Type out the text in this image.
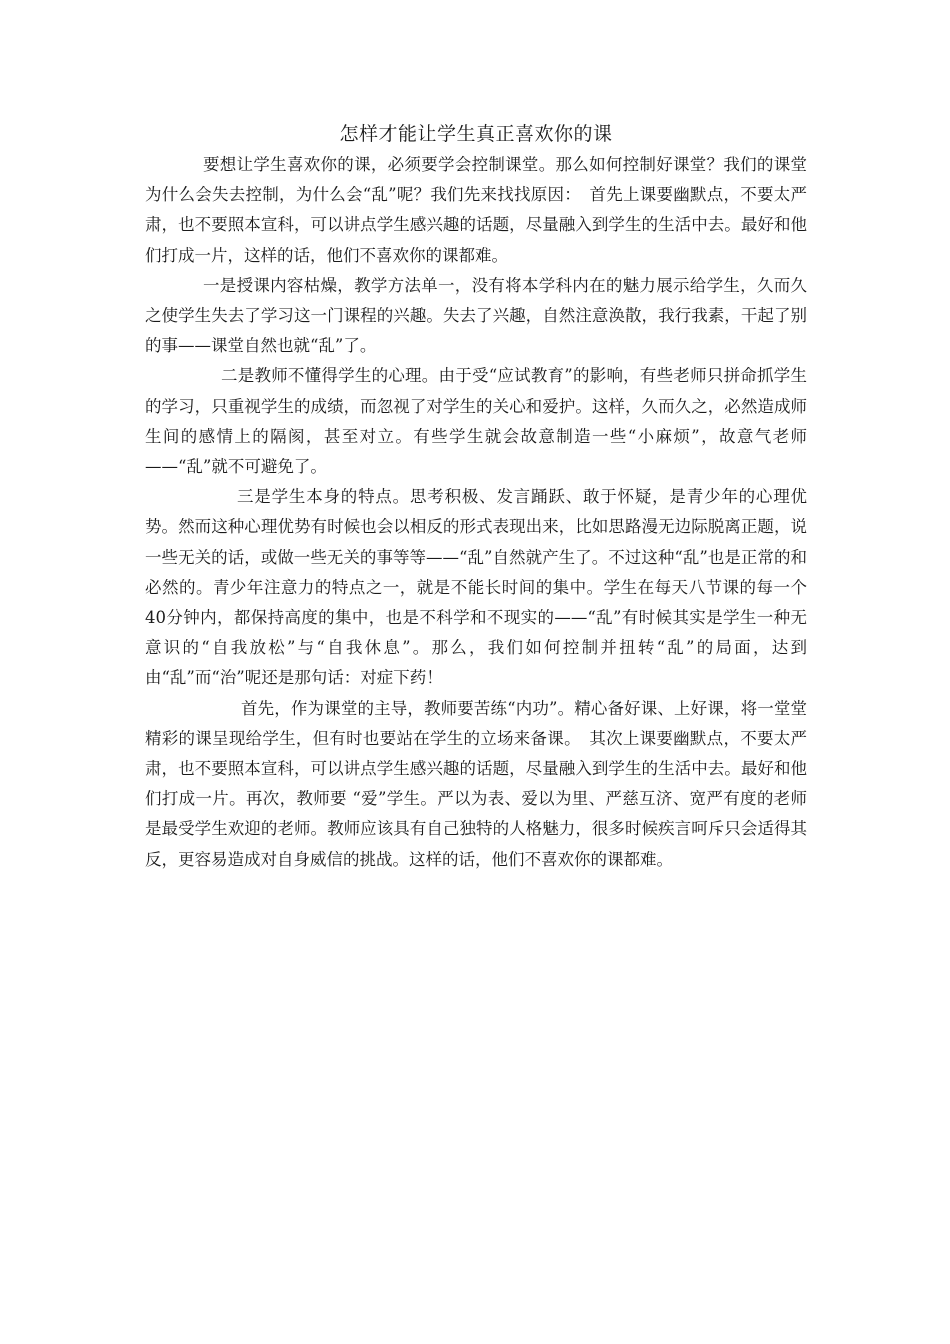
怎样才能让学生真正喜欢你的课

要想让学生喜欢你的课，必须要学会控制课堂。那么如何控制好课堂？我们的课堂为什么会失去控制，为什么会“乱”呢？我们先来找找原因：　首先上课要幽默点，不要太严肃，也不要照本宣科，可以讲点学生感兴趣的话题，尽量融入到学生的生活中去。最好和他们打成一片，这样的话，他们不喜欢你的课都难。

一是授课内容枯燥，教学方法单一，没有将本学科内在的魅力展示给学生，久而久之使学生失去了学习这一门课程的兴趣。失去了兴趣，自然注意涣散，我行我素，干起了别的事——课堂自然也就“乱”了。

二是教师不懂得学生的心理。由于受“应试教育”的影响，有些老师只拼命抓学生的学习，只重视学生的成绩，而忽视了对学生的关心和爱护。这样，久而久之，必然造成师生间的感情上的隔阂，甚至对立。有些学生就会故意制造一些“小麻烦”，故意气老师——“乱”就不可避免了。

三是学生本身的特点。思考积极、发言踊跃、敢于怀疑，是青少年的心理优势。然而这种心理优势有时候也会以相反的形式表现出来，比如思路漫无边际脱离正题，说一些无关的话，或做一些无关的事等等——“乱”自然就产生了。不过这种“乱”也是正常的和必然的。青少年注意力的特点之一，就是不能长时间的集中。学生在每天八节课的每一个40分钟内，都保持高度的集中，也是不科学和不现实的——“乱”有时候其实是学生一种无意识的“自我放松”与“自我休息”。那么，我们如何控制并扭转“乱”的局面，达到由“乱”而“治”呢还是那句话：对症下药！

首先，作为课堂的主导，教师要苦练“内功”。精心备好课、上好课，将一堂堂精彩的课呈现给学生，但有时也要站在学生的立场来备课。　其次上课要幽默点，不要太严肃，也不要照本宣科，可以讲点学生感兴趣的话题，尽量融入到学生的生活中去。最好和他们打成一片。再次，教师要 “爱”学生。严以为表、爱以为里、严慈互济、宽严有度的老师是最受学生欢迎的老师。教师应该具有自己独特的人格魅力，很多时候疾言呵斥只会适得其反，更容易造成对自身威信的挑战。这样的话，他们不喜欢你的课都难。
